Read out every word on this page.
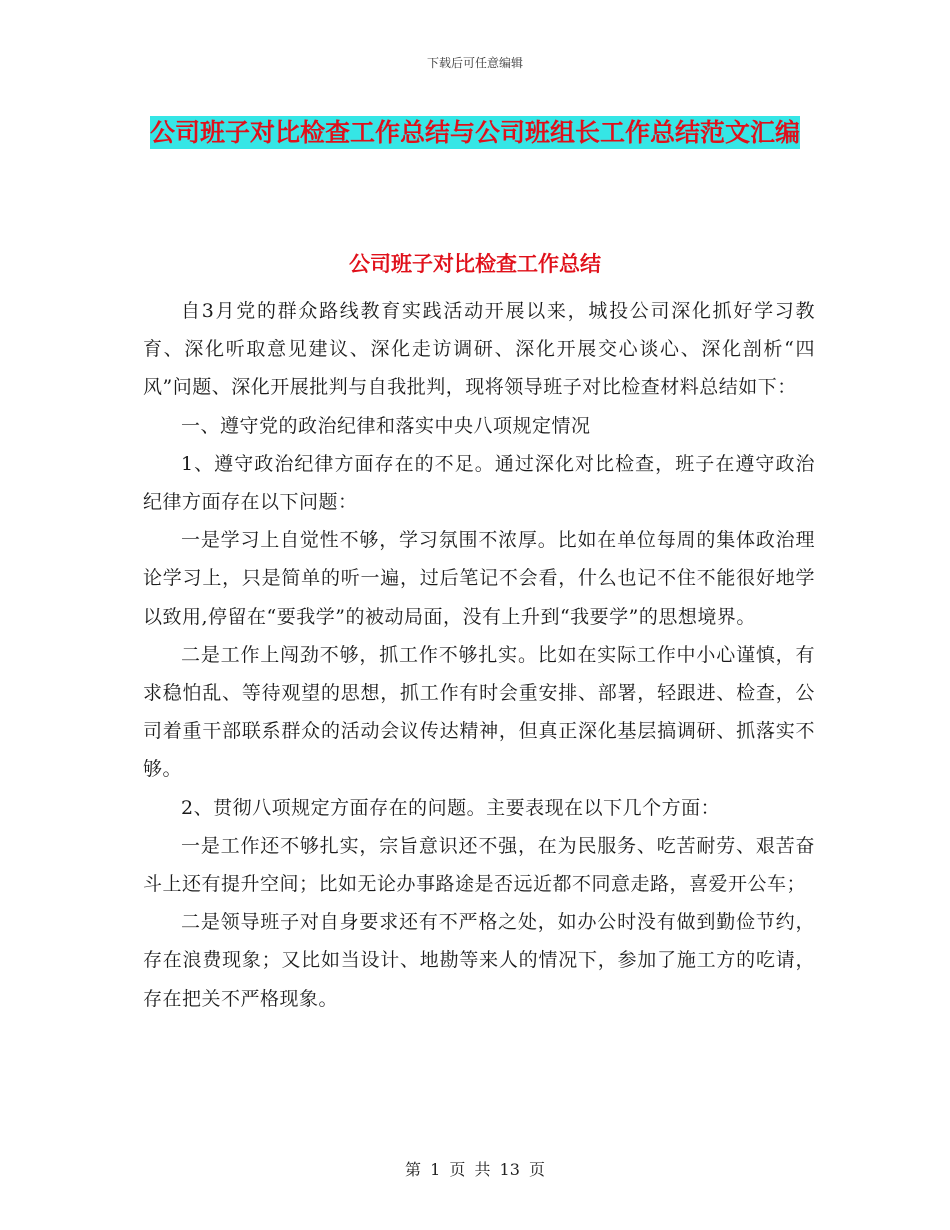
下载后可任意编辑
公司班子对比检查工作总结与公司班组长工作总结范文汇编
公司班子对比检查工作总结

自3月党的群众路线教育实践活动开展以来，城投公司深化抓好学习教育、深化听取意见建议、深化走访调研、深化开展交心谈心、深化剖析“四风”问题、深化开展批判与自我批判，现将领导班子对比检查材料总结如下：

一、遵守党的政治纪律和落实中央八项规定情况

1、遵守政治纪律方面存在的不足。通过深化对比检查，班子在遵守政治纪律方面存在以下问题：

一是学习上自觉性不够，学习氛围不浓厚。比如在单位每周的集体政治理论学习上，只是简单的听一遍，过后笔记不会看，什么也记不住不能很好地学以致用,停留在“要我学”的被动局面，没有上升到“我要学”的思想境界。

二是工作上闯劲不够，抓工作不够扎实。比如在实际工作中小心谨慎，有求稳怕乱、等待观望的思想，抓工作有时会重安排、部署，轻跟进、检查，公司着重干部联系群众的活动会议传达精神，但真正深化基层搞调研、抓落实不够。

2、贯彻八项规定方面存在的问题。主要表现在以下几个方面：

一是工作还不够扎实，宗旨意识还不强，在为民服务、吃苦耐劳、艰苦奋斗上还有提升空间；比如无论办事路途是否远近都不同意走路，喜爱开公车；

二是领导班子对自身要求还有不严格之处，如办公时没有做到勤俭节约，存在浪费现象；又比如当设计、地勘等来人的情况下，参加了施工方的吃请，存在把关不严格现象。

第 1 页 共 13 页
